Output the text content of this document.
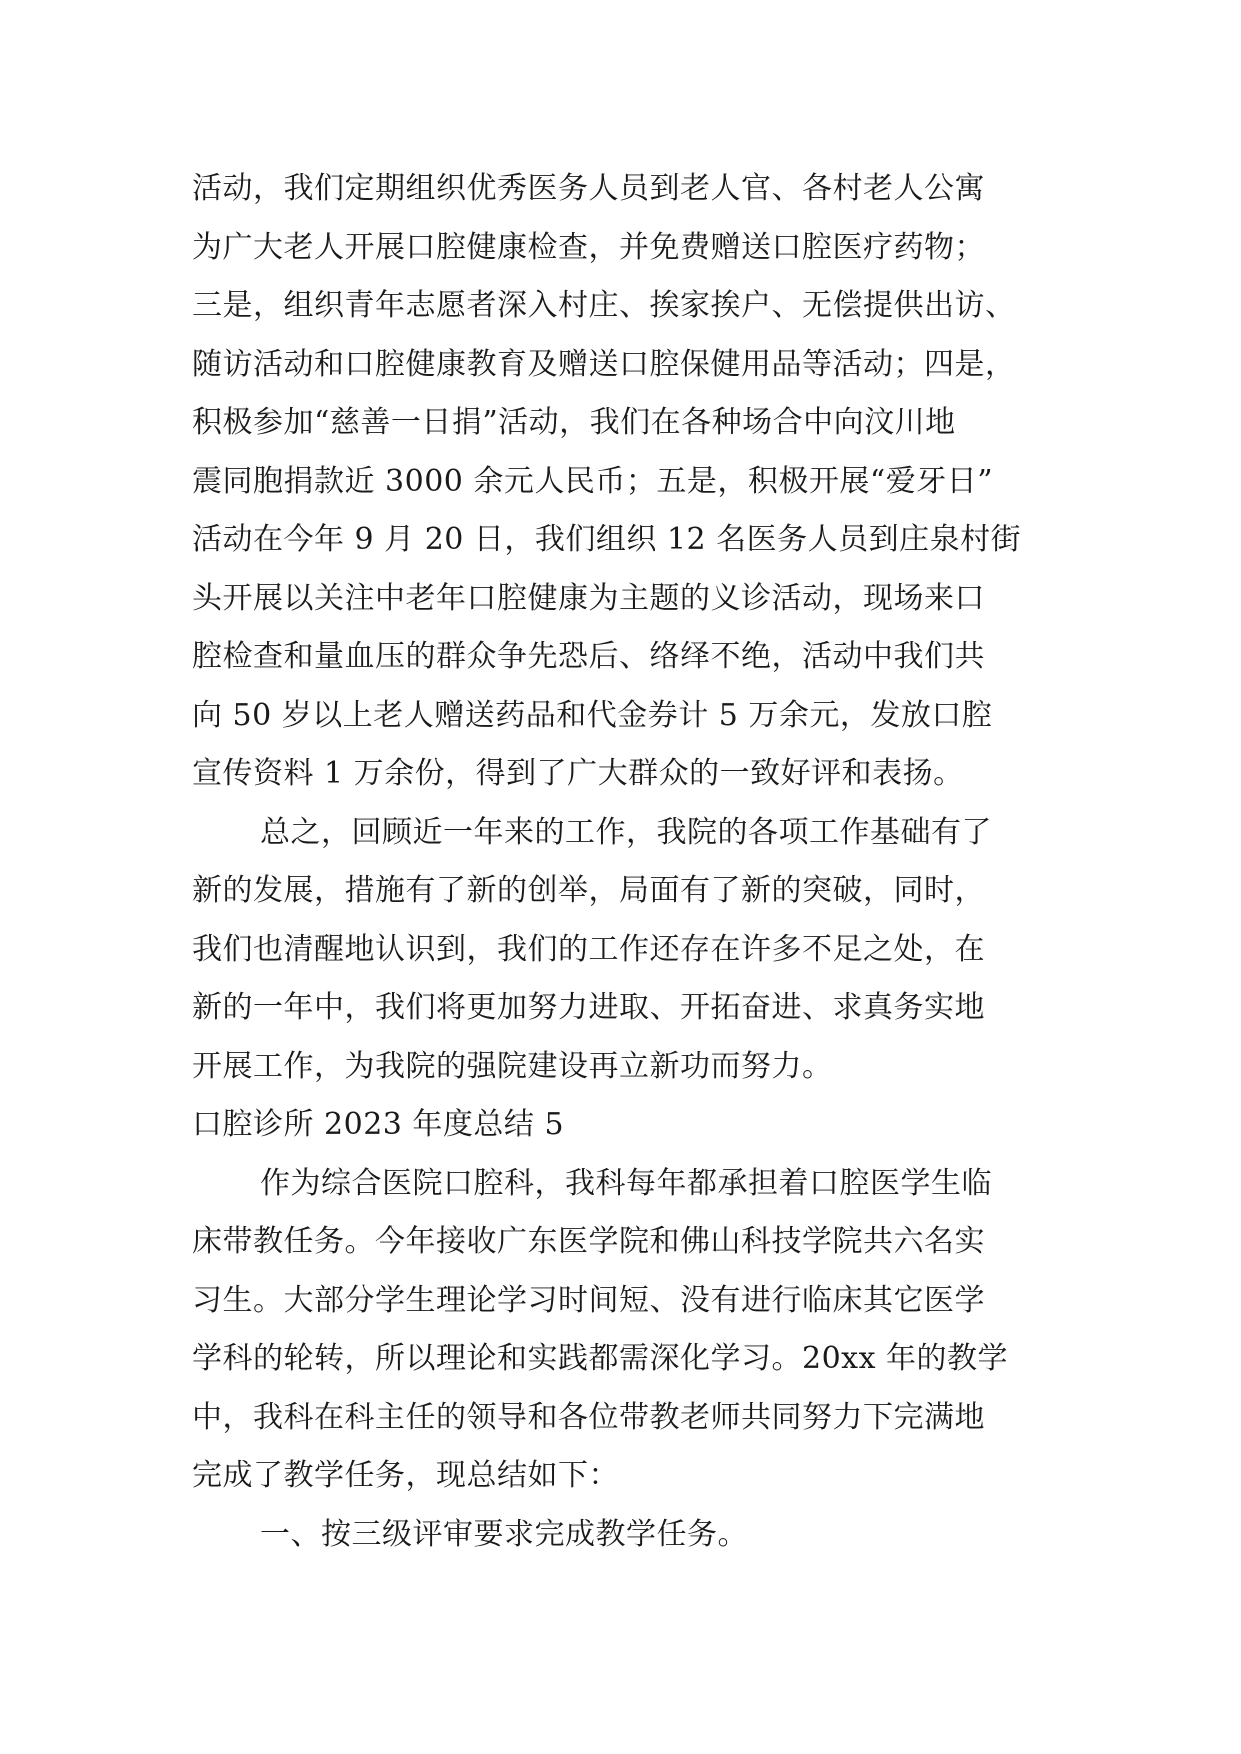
活动，我们定期组织优秀医务人员到老人官、各村老人公寓
为广大老人开展口腔健康检查，并免费赠送口腔医疗药物；
三是，组织青年志愿者深入村庄、挨家挨户、无偿提供出访、
随访活动和口腔健康教育及赠送口腔保健用品等活动；四是，
积极参加“慈善一日捐”活动，我们在各种场合中向汶川地
震同胞捐款近 3000 余元人民币；五是，积极开展“爱牙日”
活动在今年 9 月 20 日，我们组织 12 名医务人员到庄泉村街
头开展以关注中老年口腔健康为主题的义诊活动，现场来口
腔检查和量血压的群众争先恐后、络绎不绝，活动中我们共
向 50 岁以上老人赠送药品和代金券计 5 万余元，发放口腔
宣传资料 1 万余份，得到了广大群众的一致好评和表扬。
总之，回顾近一年来的工作，我院的各项工作基础有了
新的发展，措施有了新的创举，局面有了新的突破，同时，
我们也清醒地认识到，我们的工作还存在许多不足之处，在
新的一年中，我们将更加努力进取、开拓奋进、求真务实地
开展工作，为我院的强院建设再立新功而努力。
口腔诊所 2023 年度总结 5
作为综合医院口腔科，我科每年都承担着口腔医学生临
床带教任务。今年接收广东医学院和佛山科技学院共六名实
习生。大部分学生理论学习时间短、没有进行临床其它医学
学科的轮转，所以理论和实践都需深化学习。20xx 年的教学
中，我科在科主任的领导和各位带教老师共同努力下完满地
完成了教学任务，现总结如下：
一、按三级评审要求完成教学任务。
